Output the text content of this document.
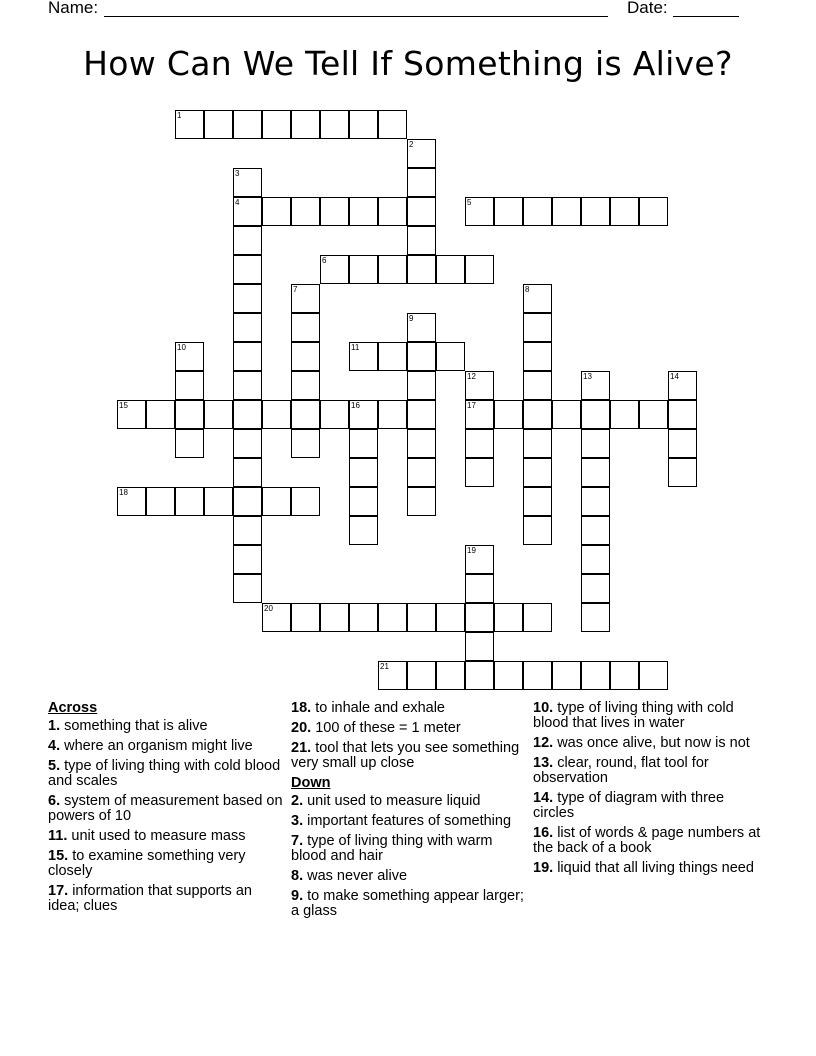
Name:	Date:
How Can We Tell If Something is Alive?
1
2
3
4	5
6
7	8
9
10	11
12
17
13	14
15	16
18
19
20
21
Across
1. something that is alive
4. where an organism might live
5. type of living thing with cold blood and scales
6. system of measurement based on powers of 10
11. unit used to measure mass
15. to examine something very closely
17. information that supports an idea; clues
18. to inhale and exhale
20. 100 of these = 1 meter
21. tool that lets you see something very small up close
Down
2. unit used to measure liquid
3. important features of something
7. type of living thing with warm blood and hair
8. was never alive
9. to make something appear larger; a glass
10. type of living thing with cold blood that lives in water
12. was once alive, but now is not
13. clear, round, flat tool for observation
14. type of diagram with three circles
16. list of words & page numbers at the back of a book
19. liquid that all living things need
